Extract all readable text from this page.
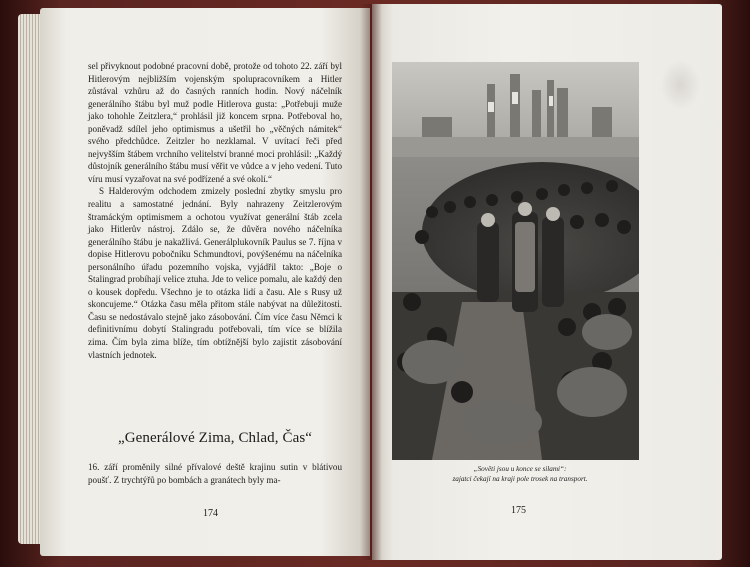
sel přivyknout podobné pracovní době, protože od tohoto 22. září byl Hitlerovým nejbližším vojenským spolupracovníkem a Hitler zůstával vzhůru až do časných ranních hodin. Nový náčelník generálního štábu byl muž podle Hitlerova gusta: „Potřebuji muže jako tohohle Zeitzlera,“ prohlásil již koncem srpna. Potřeboval ho, poněvadž sdílel jeho optimismus a ušetřil ho „věčných námitek“ svého předchůdce. Zeitzler ho nezklamal. V uvítací řeči před nejvyšším štábem vrchního velitelství branné moci prohlásil: „Každý důstojník generálního štábu musí věřit ve vůdce a v jeho vedení. Tuto víru musí vyzařovat na své podřízené a své okolí.“

S Halderovým odchodem zmizely poslední zbytky smyslu pro realitu a samostatné jednání. Byly nahrazeny Zeitzlerovým štramáckým optimismem a ochotou využívat generální štáb zcela jako Hitlerův nástroj. Zdálo se, že důvěra nového náčelníka generálního štábu je nakažlivá. Generálplukovník Paulus se 7. října v dopise Hitlerovu pobočníku Schmundtovi, povýšenému na náčelníka personálního úřadu pozemního vojska, vyjádřil takto: „Boje o Stalingrad probíhají velice ztuha. Jde to velice pomalu, ale každý den o kousek dopředu. Všechno je to otázka lidí a času. Ale s Rusy už skoncujeme.“ Otázka času měla přitom stále nabývat na důležitosti. Času se nedostávalo stejně jako zásobování. Čím více času Němci k definitivnímu dobytí Stalingradu potřebovali, tím více se blížila zima. Čím byla zima blíže, tím obtížnější bylo zajistit zásobování vlastních jednotek.

„Generálové Zima, Chlad, Čas“
16. září proměnily silné přívalové deště krajinu sutin v blátivou poušť. Z trychtýřů po bombách a granátech byly ma-
174
„Sověti jsou u konce se silami“:
zajatci čekají na kraji pole trosek na transport.
175
